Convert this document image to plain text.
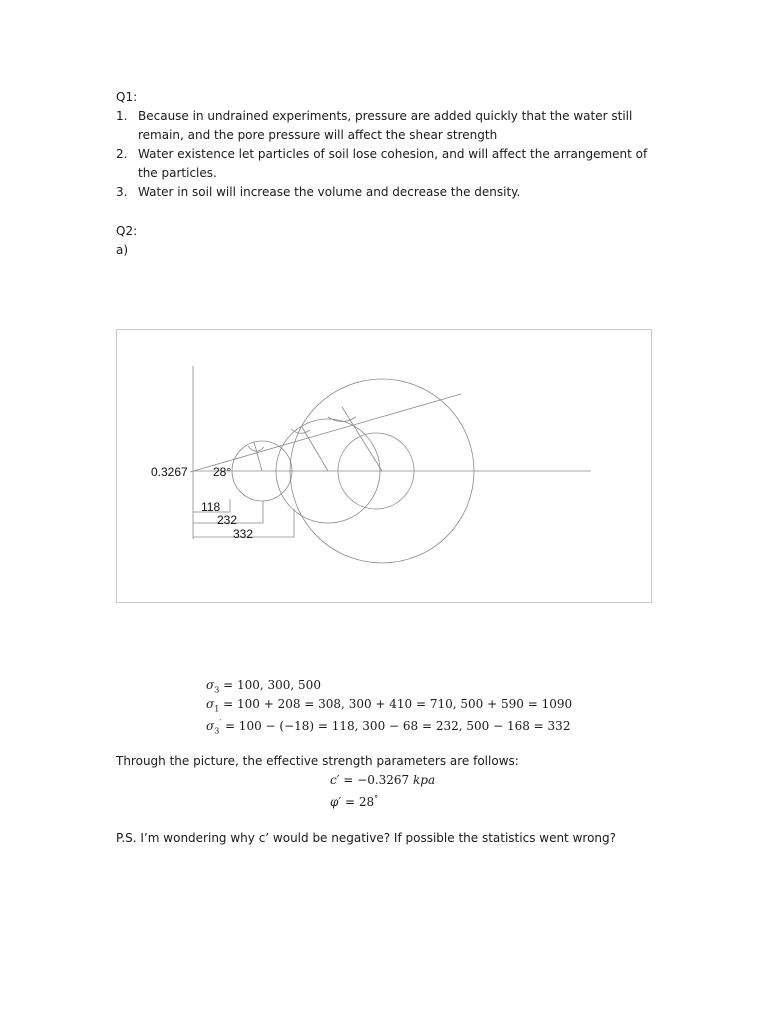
Q1:
1. Because in undrained experiments, pressure are added quickly that the water still remain, and the pore pressure will affect the shear strength
2. Water existence let particles of soil lose cohesion, and will affect the arrangement of the particles.
3. Water in soil will increase the volume and decrease the density.
Q2:
a)
0.3267 28°
118
232
332
$\sigma_3 = 100$, 300, 500
$\sigma_1 = 100 + 208 = 308$, 300 + 410 = 710, 500 + 590 = 1090
$\sigma_3' = 100 - (-18) = 118$, 300 − 68 = 232, 500 − 168 = 332
Through the picture, the effective strength parameters are follows:
c′ = −0.3267 kpa
φ′ = 28°
P.S. I’m wondering why c’ would be negative? If possible the statistics went wrong?
